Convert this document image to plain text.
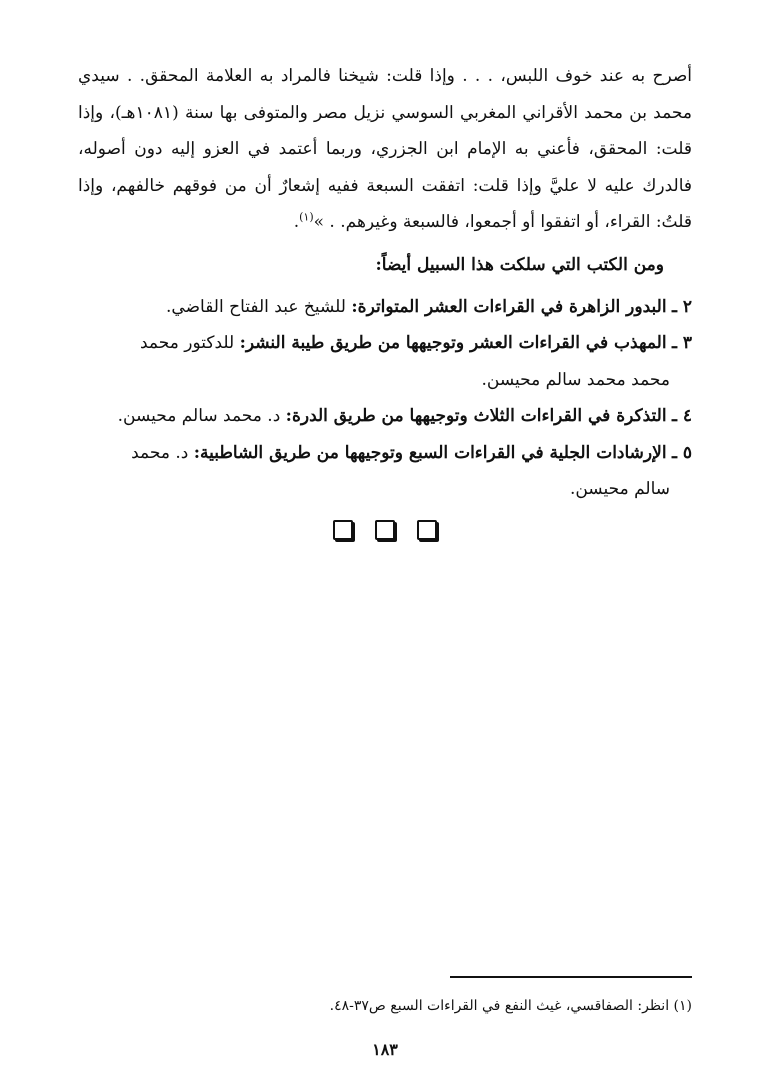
أصرح به عند خوف اللبس، . . . وإذا قلت: شيخنا فالمراد به العلامة المحقق. . سيدي محمد بن محمد الأقراني المغربي السوسي نزيل مصر والمتوفى بها سنة (١٠٨١هـ)، وإذا قلت: المحقق، فأعني به الإمام ابن الجزري، وربما أعتمد في العزو إليه دون أصوله، فالدرك عليه لا عليَّ وإذا قلت: اتفقت السبعة ففيه إشعارٌ أن من فوقهم خالفهم، وإذا قلتُ: القراء، أو اتفقوا أو أجمعوا، فالسبعة وغيرهم. . »$^{(١)}$.

ومن الكتب التي سلكت هذا السبيل أيضاً:

٢ ـ البدور الزاهرة في القراءات العشر المتواترة: للشيخ عبد الفتاح القاضي.
٣ ـ المهذب في القراءات العشر وتوجيهها من طريق طيبة النشر: للدكتور محمد
محمد محمد سالم محيسن.
٤ ـ التذكرة في القراءات الثلاث وتوجيهها من طريق الدرة: د. محمد سالم محيسن.
٥ ـ الإرشادات الجلية في القراءات السبع وتوجيهها من طريق الشاطبية: د. محمد
سالم محيسن.
(١) انظر: الصفاقسي، غيث النفع في القراءات السبع ص٣٧-٤٨.
١٨٣
